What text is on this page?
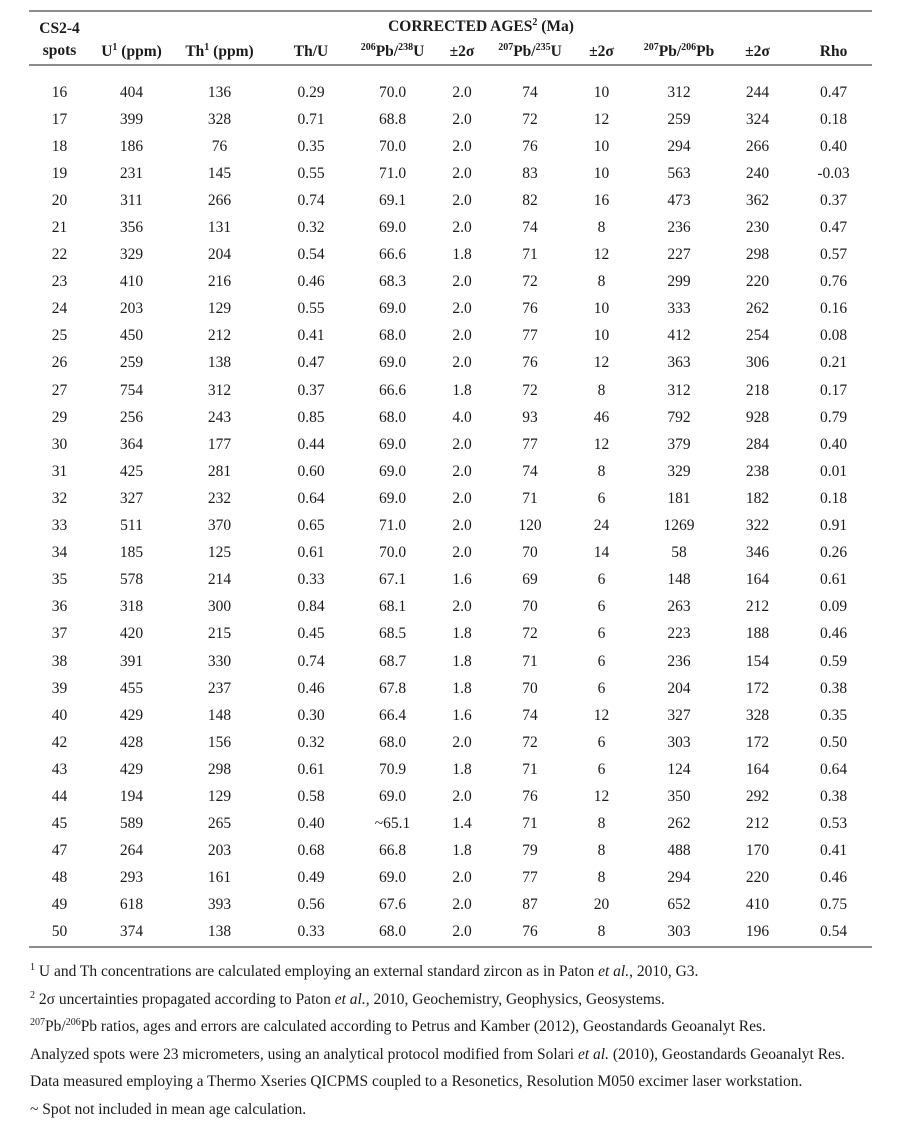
CS2-4
spots	CORRECTED AGES$^2$ (Ma)									
	$U^1$ (ppm)	Th$^1$ (ppm)	Th/U	$^{206}$Pb/$^{238}$U	±2σ	$^{207}$Pb/$^{235}$U	±2σ	$^{207}$Pb/$^{206}$Pb	±2σ	Rho
16	404	136	0.29	70.0	2.0	74	10	312	244	0.47
17	399	328	0.71	68.8	2.0	72	12	259	324	0.18
18	186	76	0.35	70.0	2.0	76	10	294	266	0.40
19	231	145	0.55	71.0	2.0	83	10	563	240	-0.03
20	311	266	0.74	69.1	2.0	82	16	473	362	0.37
21	356	131	0.32	69.0	2.0	74	8	236	230	0.47
22	329	204	0.54	66.6	1.8	71	12	227	298	0.57
23	410	216	0.46	68.3	2.0	72	8	299	220	0.76
24	203	129	0.55	69.0	2.0	76	10	333	262	0.16
25	450	212	0.41	68.0	2.0	77	10	412	254	0.08
26	259	138	0.47	69.0	2.0	76	12	363	306	0.21
27	754	312	0.37	66.6	1.8	72	8	312	218	0.17
29	256	243	0.85	68.0	4.0	93	46	792	928	0.79
30	364	177	0.44	69.0	2.0	77	12	379	284	0.40
31	425	281	0.60	69.0	2.0	74	8	329	238	0.01
32	327	232	0.64	69.0	2.0	71	6	181	182	0.18
33	511	370	0.65	71.0	2.0	120	24	1269	322	0.91
34	185	125	0.61	70.0	2.0	70	14	58	346	0.26
35	578	214	0.33	67.1	1.6	69	6	148	164	0.61
36	318	300	0.84	68.1	2.0	70	6	263	212	0.09
37	420	215	0.45	68.5	1.8	72	6	223	188	0.46
38	391	330	0.74	68.7	1.8	71	6	236	154	0.59
39	455	237	0.46	67.8	1.8	70	6	204	172	0.38
40	429	148	0.30	66.4	1.6	74	12	327	328	0.35
42	428	156	0.32	68.0	2.0	72	6	303	172	0.50
43	429	298	0.61	70.9	1.8	71	6	124	164	0.64
44	194	129	0.58	69.0	2.0	76	12	350	292	0.38
45	589	265	0.40	~65.1	1.4	71	8	262	212	0.53
47	264	203	0.68	66.8	1.8	79	8	488	170	0.41
48	293	161	0.49	69.0	2.0	77	8	294	220	0.46
49	618	393	0.56	67.6	2.0	87	20	652	410	0.75
50	374	138	0.33	68.0	2.0	76	8	303	196	0.54
$^1$ U and Th concentrations are calculated employing an external standard zircon as in Paton et al., 2010, G3.
$^2$ 2σ uncertainties propagated according to Paton et al., 2010, Geochemistry, Geophysics, Geosystems.
$^{207}$Pb/$^{206}$Pb ratios, ages and errors are calculated according to Petrus and Kamber (2012), Geostandards Geoanalyt Res.
Analyzed spots were 23 micrometers, using an analytical protocol modified from Solari et al. (2010), Geostandards Geoanalyt Res.
Data measured employing a Thermo Xseries QICPMS coupled to a Resonetics, Resolution M050 excimer laser workstation.
~ Spot not included in mean age calculation.
